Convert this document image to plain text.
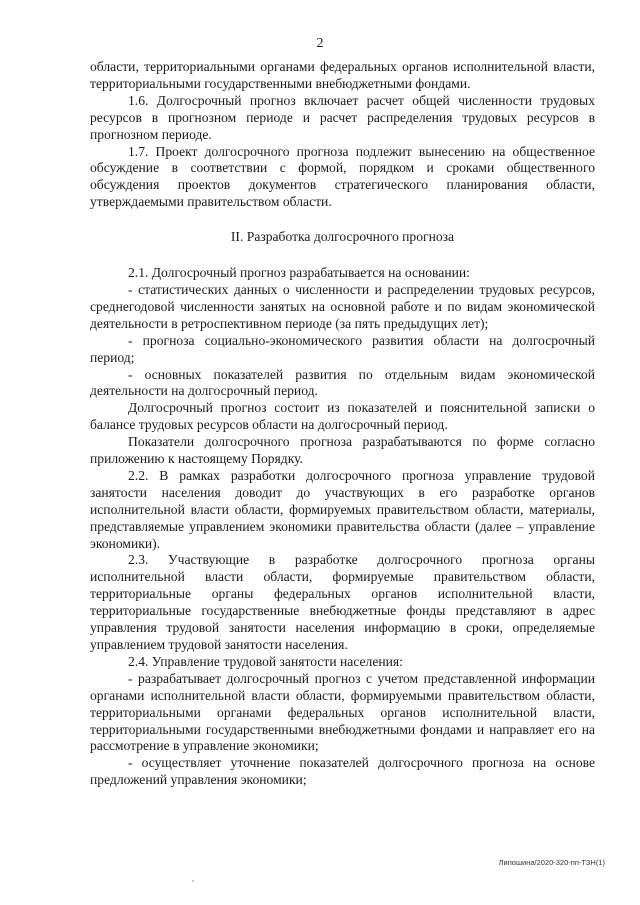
2

области, территориальными органами федеральных органов исполнительной власти, территориальными государственными внебюджетными фондами.

1.6. Долгосрочный прогноз включает расчет общей численности трудовых ресурсов в прогнозном периоде и расчет распределения трудовых ресурсов в прогнозном периоде.

1.7. Проект долгосрочного прогноза подлежит вынесению на общественное обсуждение в соответствии с формой, порядком и сроками общественного обсуждения проектов документов стратегического планирования области, утверждаемыми правительством области.

II. Разработка долгосрочного прогноза

2.1. Долгосрочный прогноз разрабатывается на основании:

- статистических данных о численности и распределении трудовых ресурсов, среднегодовой численности занятых на основной работе и по видам экономической деятельности в ретроспективном периоде (за пять предыдущих лет);

- прогноза социально-экономического развития области на долгосрочный период;

- основных показателей развития по отдельным видам экономической деятельности на долгосрочный период.

Долгосрочный прогноз состоит из показателей и пояснительной записки о балансе трудовых ресурсов области на долгосрочный период.

Показатели долгосрочного прогноза разрабатываются по форме согласно приложению к настоящему Порядку.

2.2. В рамках разработки долгосрочного прогноза управление трудовой занятости населения доводит до участвующих в его разработке органов исполнительной власти области, формируемых правительством области, материалы, представляемые управлением экономики правительства области (далее – управление экономики).

2.3. Участвующие в разработке долгосрочного прогноза органы исполнительной власти области, формируемые правительством области, территориальные органы федеральных органов исполнительной власти, территориальные государственные внебюджетные фонды представляют в адрес управления трудовой занятости населения информацию в сроки, определяемые управлением трудовой занятости населения.

2.4. Управление трудовой занятости населения:

- разрабатывает долгосрочный прогноз с учетом представленной информации органами исполнительной власти области, формируемыми правительством области, территориальными органами федеральных органов исполнительной власти, территориальными государственными внебюджетными фондами и направляет его на рассмотрение в управление экономики;

- осуществляет уточнение показателей долгосрочного прогноза на основе предложений управления экономики;

Липошина/2020-320-пп-ТЗН(1)
